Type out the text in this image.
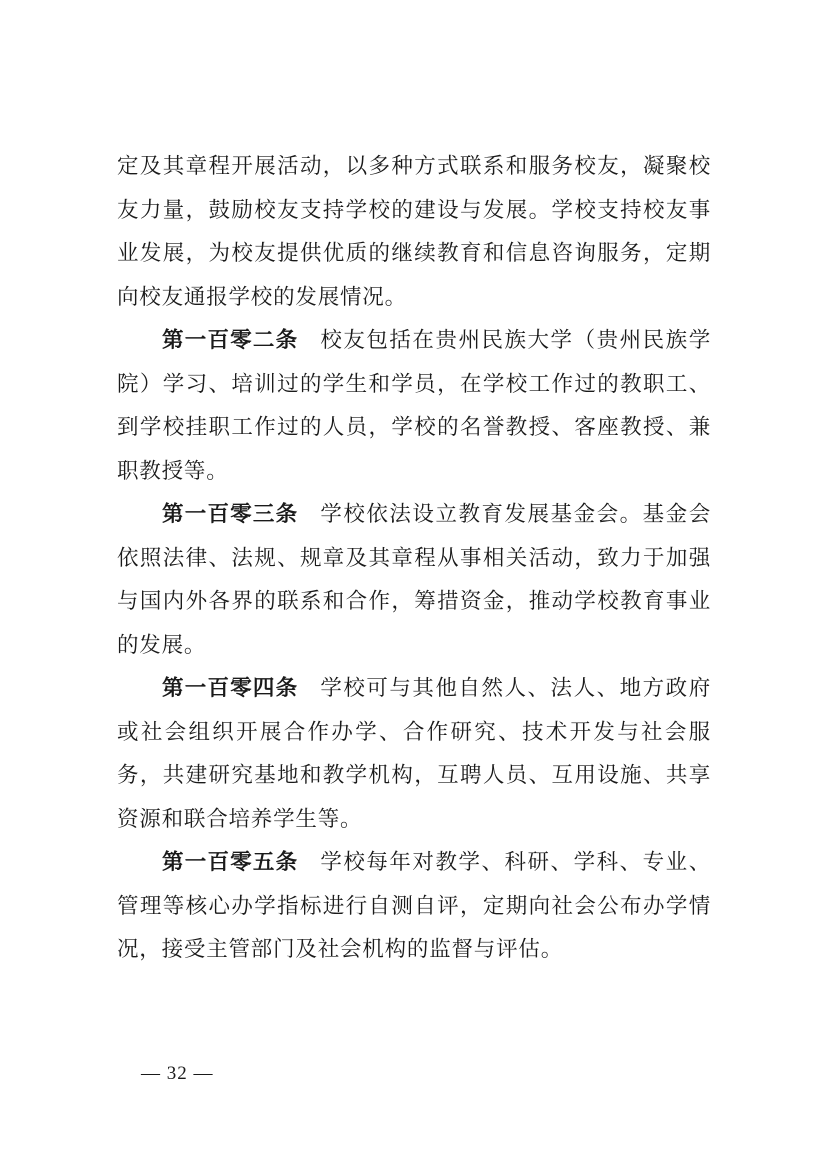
定及其章程开展活动，以多种方式联系和服务校友，凝聚校友力量，鼓励校友支持学校的建设与发展。学校支持校友事业发展，为校友提供优质的继续教育和信息咨询服务，定期向校友通报学校的发展情况。

第一百零二条 校友包括在贵州民族大学（贵州民族学院）学习、培训过的学生和学员，在学校工作过的教职工、到学校挂职工作过的人员，学校的名誉教授、客座教授、兼职教授等。

第一百零三条 学校依法设立教育发展基金会。基金会依照法律、法规、规章及其章程从事相关活动，致力于加强与国内外各界的联系和合作，筹措资金，推动学校教育事业的发展。

第一百零四条 学校可与其他自然人、法人、地方政府或社会组织开展合作办学、合作研究、技术开发与社会服务，共建研究基地和教学机构，互聘人员、互用设施、共享资源和联合培养学生等。

第一百零五条 学校每年对教学、科研、学科、专业、管理等核心办学指标进行自测自评，定期向社会公布办学情况，接受主管部门及社会机构的监督与评估。

— 32 —
